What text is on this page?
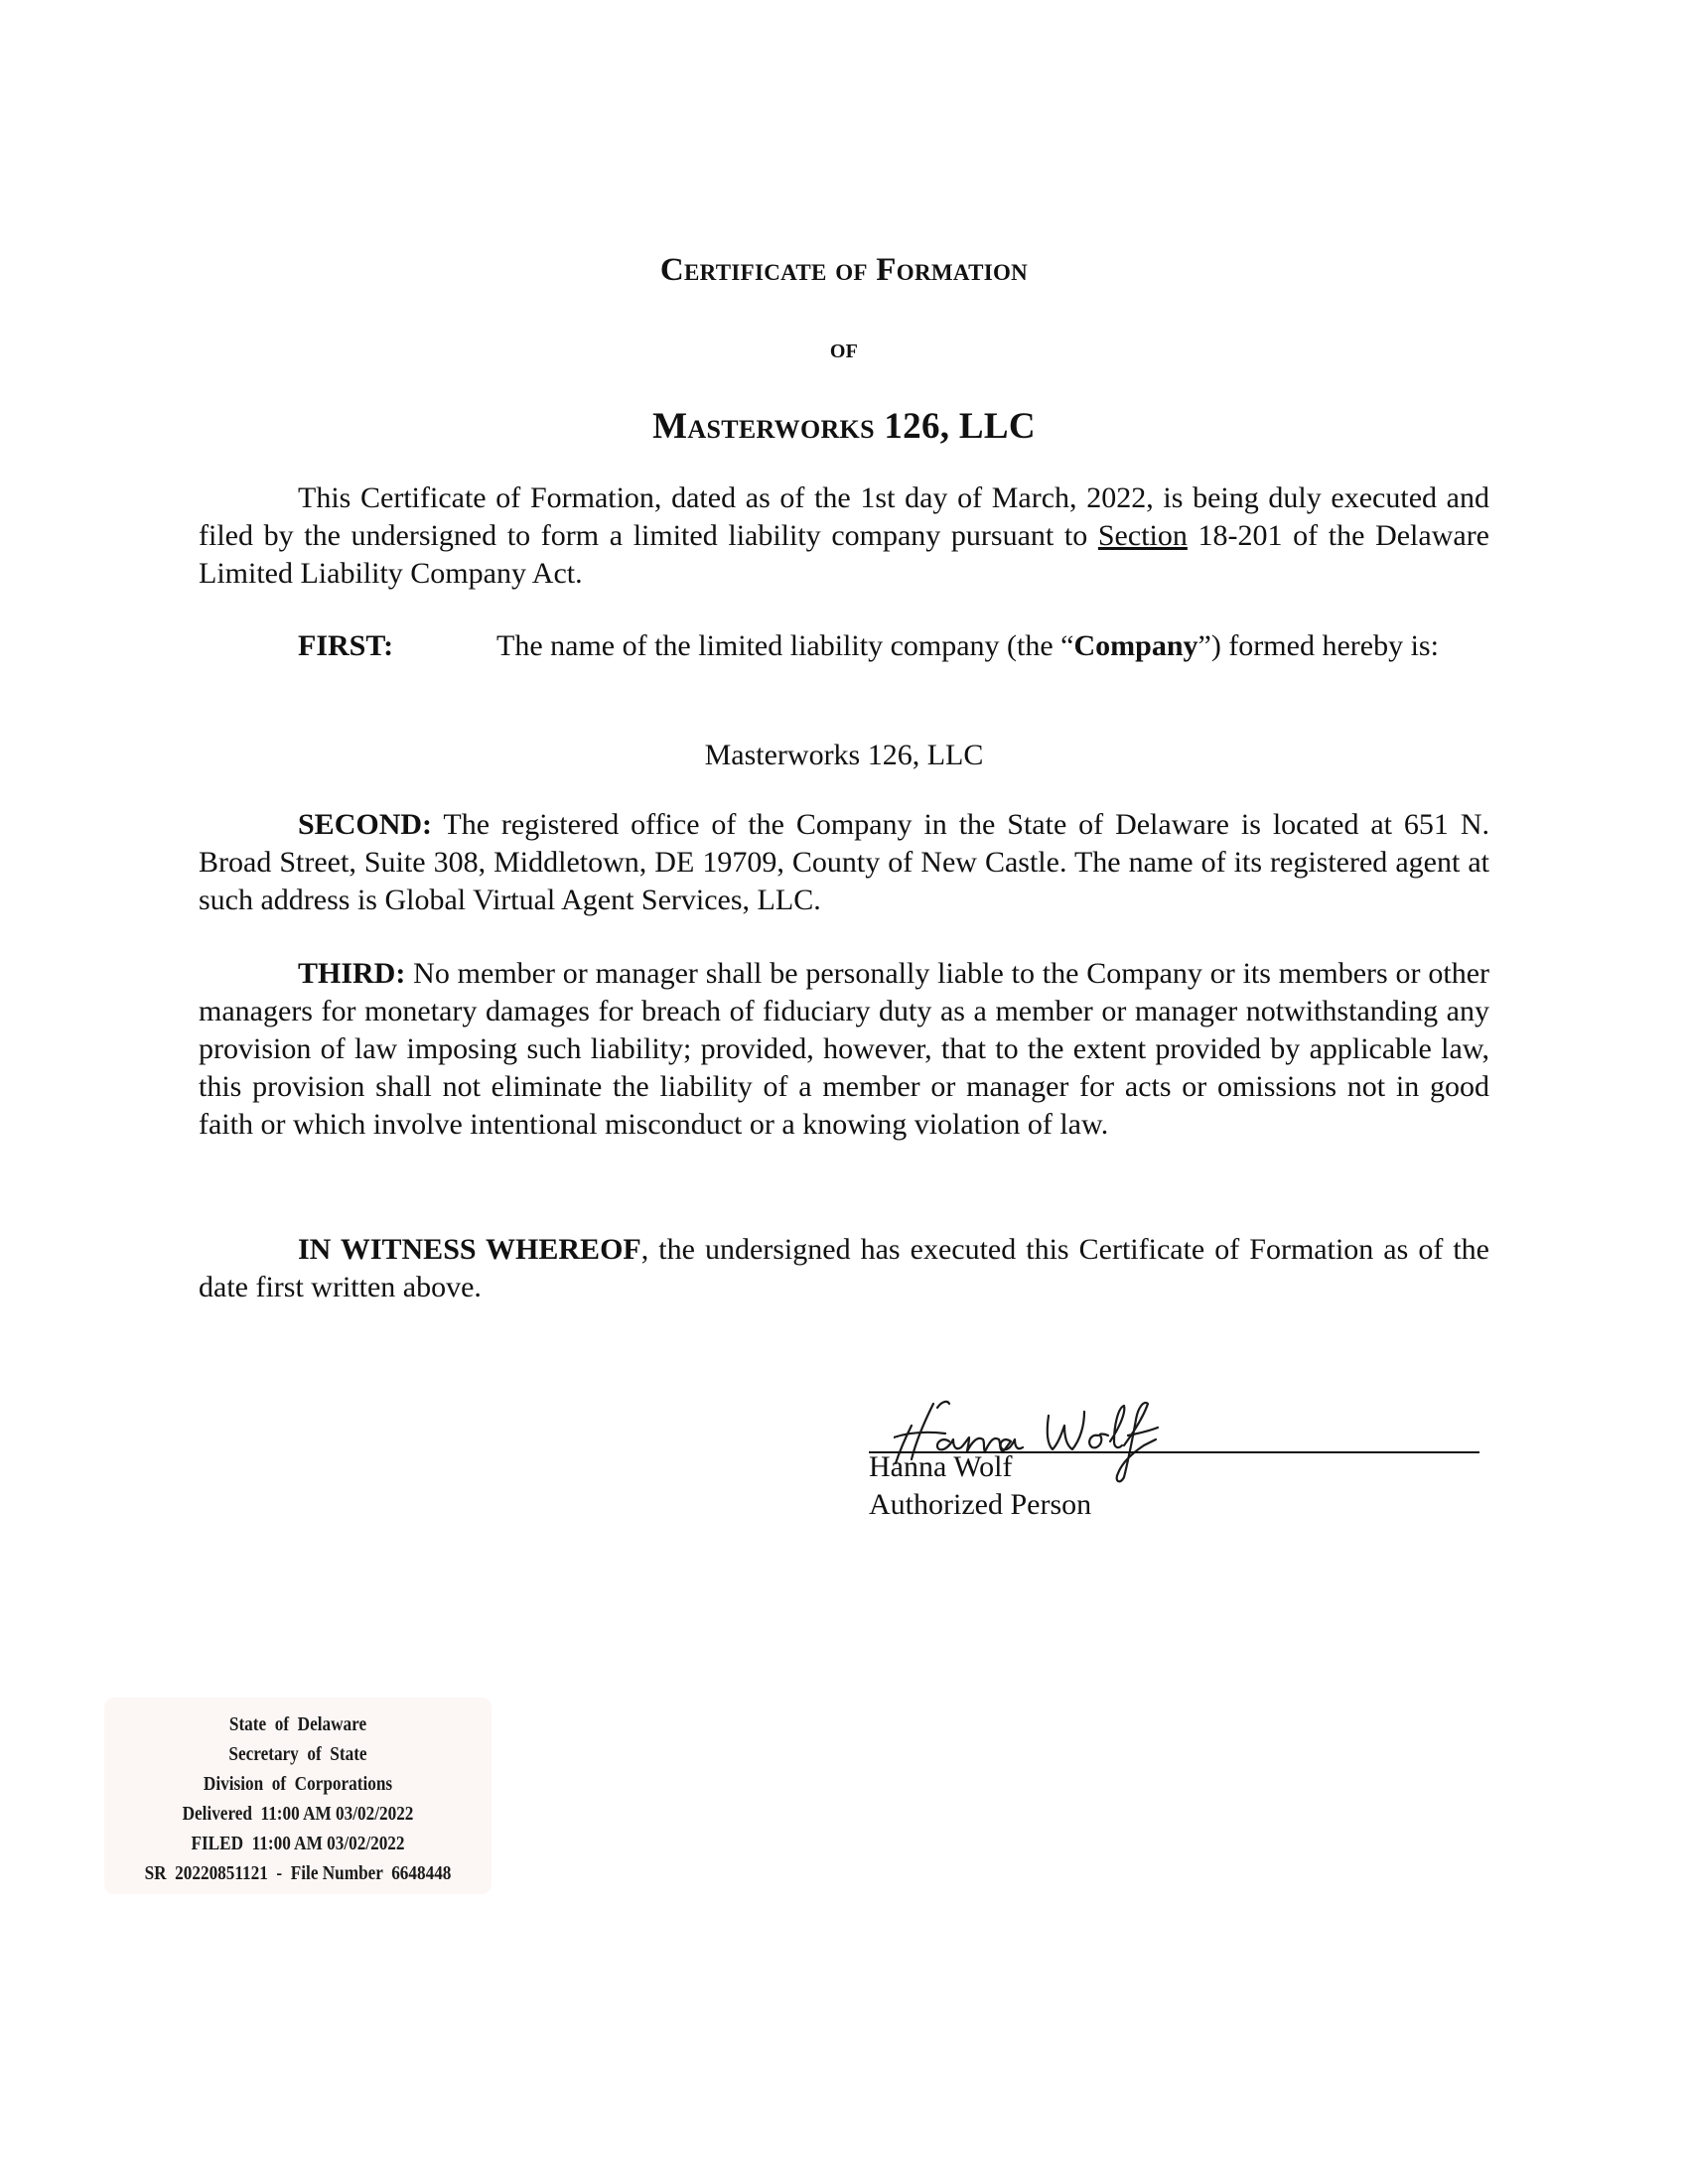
Certificate of Formation
of
Masterworks 126, LLC

This Certificate of Formation, dated as of the 1st day of March, 2022, is being duly executed and filed by the undersigned to form a limited liability company pursuant to Section 18-201 of the Delaware Limited Liability Company Act.

FIRST:	The name of the limited liability company (the “Company”) formed hereby is:

Masterworks 126, LLC

SECOND: The registered office of the Company in the State of Delaware is located at 651 N. Broad Street, Suite 308, Middletown, DE 19709, County of New Castle. The name of its registered agent at such address is Global Virtual Agent Services, LLC.

THIRD: No member or manager shall be personally liable to the Company or its members or other managers for monetary damages for breach of fiduciary duty as a member or manager notwithstanding any provision of law imposing such liability; provided, however, that to the extent provided by applicable law, this provision shall not eliminate the liability of a member or manager for acts or omissions not in good faith or which involve intentional misconduct or a knowing violation of law.

IN WITNESS WHEREOF, the undersigned has executed this Certificate of Formation as of the date first written above.

Hanna Wolf
Authorized Person
State  of  Delaware
Secretary  of  State
Division  of  Corporations
Delivered  11:00 AM 03/02/2022
FILED  11:00 AM 03/02/2022
SR  20220851121  -  File Number  6648448
